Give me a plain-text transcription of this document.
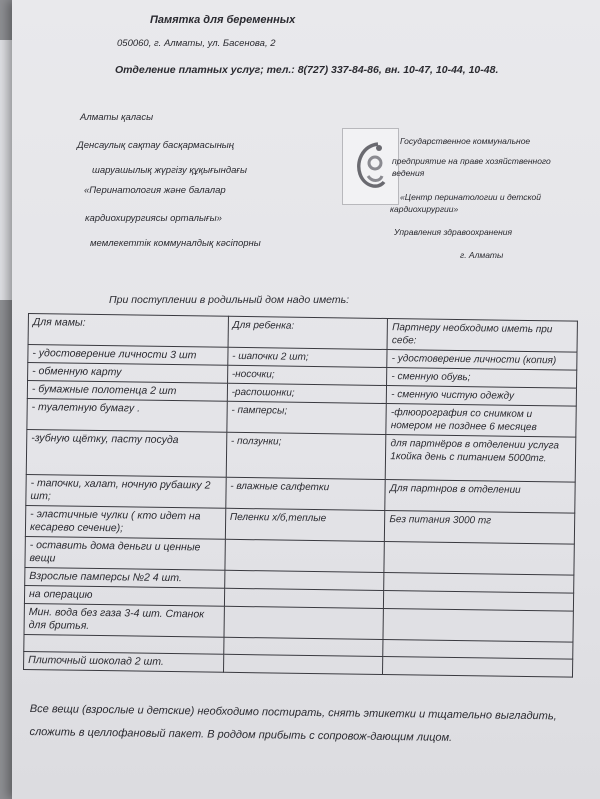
Памятка для беременных
050060, г. Алматы, ул. Басенова, 2
Отделение платных услуг; тел.: 8(727) 337-84-86, вн. 10-47, 10-44, 10-48.
Алматы қаласы
Денсаулық сақтау басқармасының
шаруашылық жүргізу құқығындағы
«Перинатология және балалар
кардиохирургиясы орталығы»
мемлекеттік коммуналдық кәсіпорны
Государственное коммунальное
предприятие на праве хозяйственного
ведения
«Центр перинатологии и детской
кардиохирургии»
Управления здравоохранения
г. Алматы
При поступлении в родильный дом надо иметь:
Для мамы:	Для ребенка:	Партнеру необходимо иметь при себе:
- удостоверение личности 3 шт	- шапочки 2 шт;	- удостоверение личности (копия)
- обменную карту	-носочки;	- сменную обувь;
- бумажные полотенца 2 шт	-распошонки;	- сменную чистую одежду
- туалетную бумагу .	- памперсы;	-флюорография со снимком и номером не позднее 6 месяцев
-зубную щётку, пасту посуда	- ползунки;	для партнёров в отделении услуга 1койка день с питанием 5000тг.
- тапочки, халат, ночную рубашку 2 шт;	- влажные салфетки	Для партнров в отделении
- эластичные чулки ( кто идет на кесарево сечение);	Пеленки х/б,теплые	Без питания 3000 тг
- оставить дома деньги и ценные вещи		
Взрослые памперсы №2 4 шт.		
на операцию		
Мин. вода без газа 3-4 шт. Станок для бритья.		

Плиточный шоколад 2 шт.		
Все вещи (взрослые и детские) необходимо постирать, снять этикетки и тщательно выгладить, сложить в целлофановый пакет. В роддом прибыть с сопровож-дающим лицом.
